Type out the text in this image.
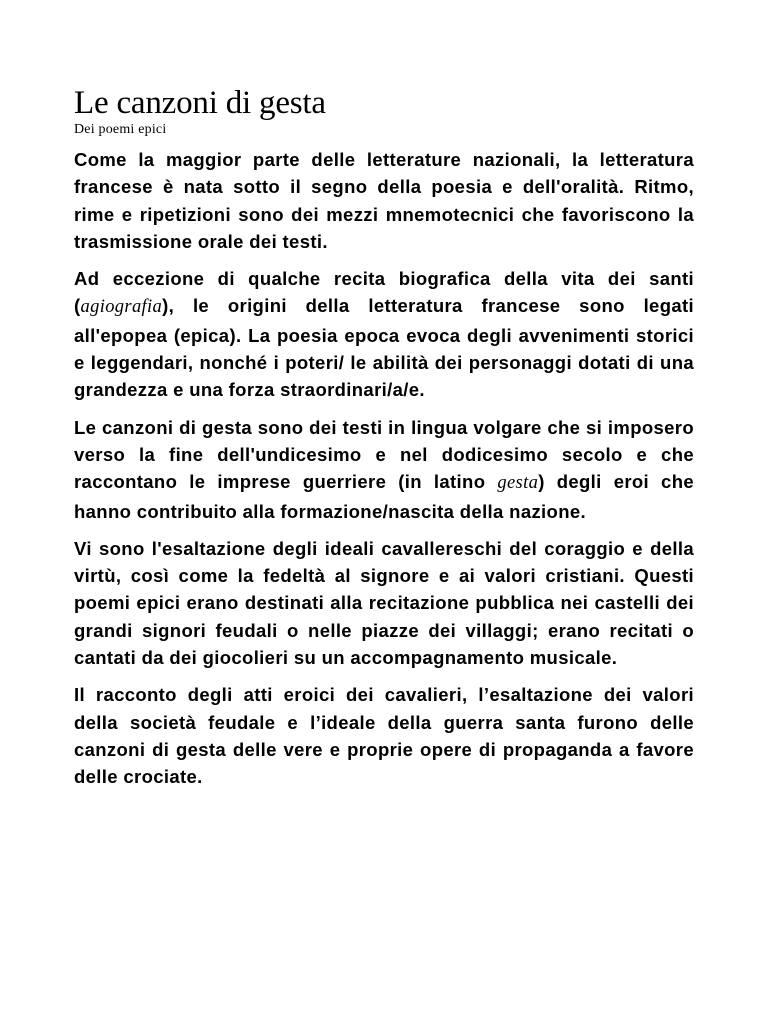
Le canzoni di gesta
Dei poemi epici

Come la maggior parte delle letterature nazionali, la letteratura francese è nata sotto il segno della poesia e dell'oralità. Ritmo, rime e ripetizioni sono dei mezzi mnemotecnici che favoriscono la trasmissione orale dei testi.

Ad eccezione di qualche recita biografica della vita dei santi (agiografia), le origini della letteratura francese sono legati all'epopea (epica). La poesia epoca evoca degli avvenimenti storici e leggendari, nonché i poteri/ le abilità dei personaggi dotati di una grandezza e una forza straordinari/a/e.

Le canzoni di gesta sono dei testi in lingua volgare che si imposero verso la fine dell'undicesimo e nel dodicesimo secolo e che raccontano le imprese guerriere (in latino gesta) degli eroi che hanno contribuito alla formazione/nascita della nazione.

Vi sono l'esaltazione degli ideali cavallereschi del coraggio e della virtù, così come la fedeltà al signore e ai valori cristiani. Questi poemi epici erano destinati alla recitazione pubblica nei castelli dei grandi signori feudali o nelle piazze dei villaggi; erano recitati o cantati da dei giocolieri su un accompagnamento musicale.

Il racconto degli atti eroici dei cavalieri, l’esaltazione dei valori della società feudale e l’ideale della guerra santa furono delle canzoni di gesta delle vere e proprie opere di propaganda a favore delle crociate.
